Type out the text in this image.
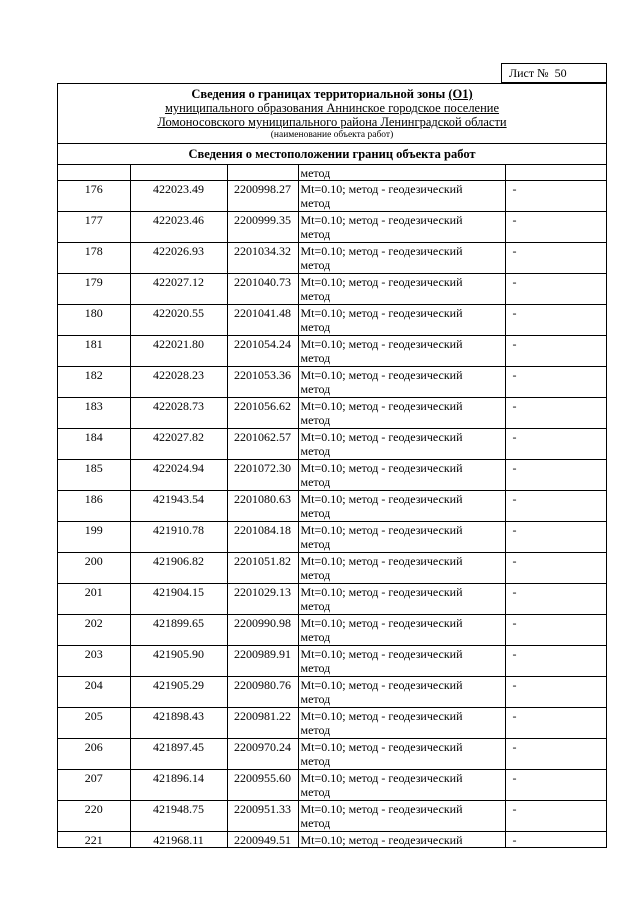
Лист № 50
Сведения о границах территориальной зоны (О1)
муниципального образования Аннинское городское поселение
Ломоносовского муниципального района Ленинградской области
(наименование объекта работ)
Сведения о местоположении границ объекта работ
			метод	
176	422023.49	2200998.27	Mt=0.10; метод - геодезический
метод	-
177	422023.46	2200999.35	Mt=0.10; метод - геодезический
метод	-
178	422026.93	2201034.32	Mt=0.10; метод - геодезический
метод	-
179	422027.12	2201040.73	Mt=0.10; метод - геодезический
метод	-
180	422020.55	2201041.48	Mt=0.10; метод - геодезический
метод	-
181	422021.80	2201054.24	Mt=0.10; метод - геодезический
метод	-
182	422028.23	2201053.36	Mt=0.10; метод - геодезический
метод	-
183	422028.73	2201056.62	Mt=0.10; метод - геодезический
метод	-
184	422027.82	2201062.57	Mt=0.10; метод - геодезический
метод	-
185	422024.94	2201072.30	Mt=0.10; метод - геодезический
метод	-
186	421943.54	2201080.63	Mt=0.10; метод - геодезический
метод	-
199	421910.78	2201084.18	Mt=0.10; метод - геодезический
метод	-
200	421906.82	2201051.82	Mt=0.10; метод - геодезический
метод	-
201	421904.15	2201029.13	Mt=0.10; метод - геодезический
метод	-
202	421899.65	2200990.98	Mt=0.10; метод - геодезический
метод	-
203	421905.90	2200989.91	Mt=0.10; метод - геодезический
метод	-
204	421905.29	2200980.76	Mt=0.10; метод - геодезический
метод	-
205	421898.43	2200981.22	Mt=0.10; метод - геодезический
метод	-
206	421897.45	2200970.24	Mt=0.10; метод - геодезический
метод	-
207	421896.14	2200955.60	Mt=0.10; метод - геодезический
метод	-
220	421948.75	2200951.33	Mt=0.10; метод - геодезический
метод	-
221	421968.11	2200949.51	Mt=0.10; метод - геодезический	-
